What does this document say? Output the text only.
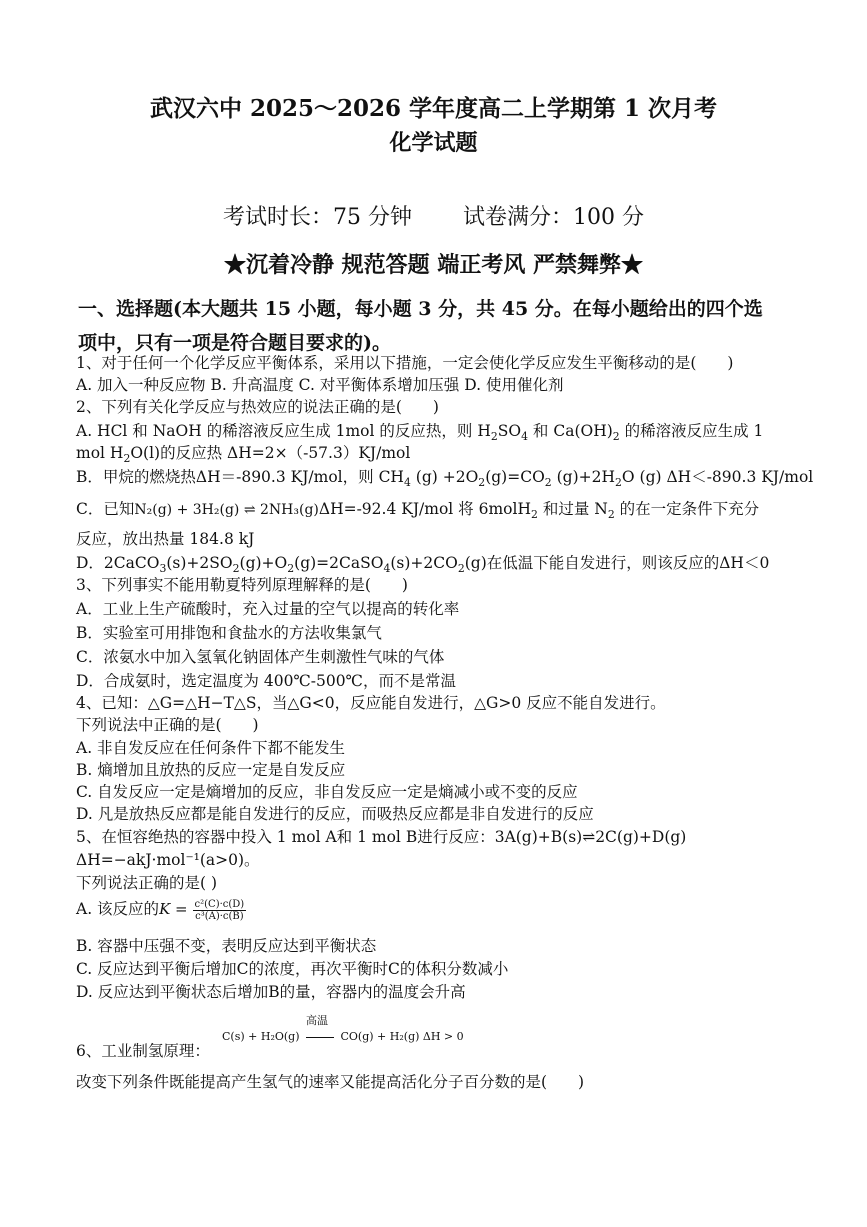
武汉六中 2025～2026 学年度高二上学期第 1 次月考
化学试题
考试时长：75 分钟 试卷满分：100 分
★沉着冷静 规范答题 端正考风 严禁舞弊★
一、选择题(本大题共 15 小题，每小题 3 分，共 45 分。在每小题给出的四个选
项中，只有一项是符合题目要求的)。
1、对于任何一个化学反应平衡体系，采用以下措施，一定会使化学反应发生平衡移动的是(　　)
A. 加入一种反应物 B. 升高温度 C. 对平衡体系增加压强 D. 使用催化剂
2、下列有关化学反应与热效应的说法正确的是(　　)
A. HCl 和 NaOH 的稀溶液反应生成 1mol 的反应热，则 $H_2SO_4$ 和 $Ca(OH)_2$ 的稀溶液反应生成 1
mol $H_2O(l)$的反应热 ΔH=2×（-57.3）KJ/mol
B．甲烷的燃烧热ΔH＝-890.3 KJ/mol，则 $CH_4$ $(g) +2O_2(g)=CO_2$ $(g)+2H_2O$ (g) ΔH＜-890.3 KJ/mol
C．已知N₂(g) + 3H₂(g) ⇌ 2NH₃(g)ΔH=-92.4 KJ/mol 将 6molH$_2$ 和过量 $N_2$ 的在一定条件下充分
反应，放出热量 184.8 kJ
D．$2CaCO_3(s)+2SO_2(g)+O_2(g)=2CaSO_4(s)+2CO_2(g)$在低温下能自发进行，则该反应的ΔH＜0
3、下列事实不能用勒夏特列原理解释的是(　　)
A．工业上生产硫酸时，充入过量的空气以提高的转化率
B．实验室可用排饱和食盐水的方法收集氯气
C．浓氨水中加入氢氧化钠固体产生刺激性气味的气体
D．合成氨时，选定温度为 400℃-500℃，而不是常温
4、已知：△G=△H−T△S，当△G<0，反应能自发进行，△G>0 反应不能自发进行。
下列说法中正确的是(　　)
A. 非自发反应在任何条件下都不能发生
B. 熵增加且放热的反应一定是自发反应
C. 自发反应一定是熵增加的反应，非自发反应一定是熵减小或不变的反应
D. 凡是放热反应都是能自发进行的反应，而吸热反应都是非自发进行的反应
5、在恒容绝热的容器中投入 1 mol A和 1 mol B进行反应：3A(g)+B(s)⇌2C(g)+D(g)
ΔH=−akJ·mol⁻¹(a>0)。
下列说法正确的是( )
A. 该反应的$K = \frac{\text{c²(C)·c(D)}}{\text{c³(A)·c(B)}}$
B. 容器中压强不变，表明反应达到平衡状态
C. 反应达到平衡后增加C的浓度，再次平衡时C的体积分数减小
D. 反应达到平衡状态后增加B的量，容器内的温度会升高
6、工业制氢原理：
高温
C(s) + H₂O(g)	CO(g) + H₂(g) ΔH > 0
改变下列条件既能提高产生氢气的速率又能提高活化分子百分数的是(　　)
